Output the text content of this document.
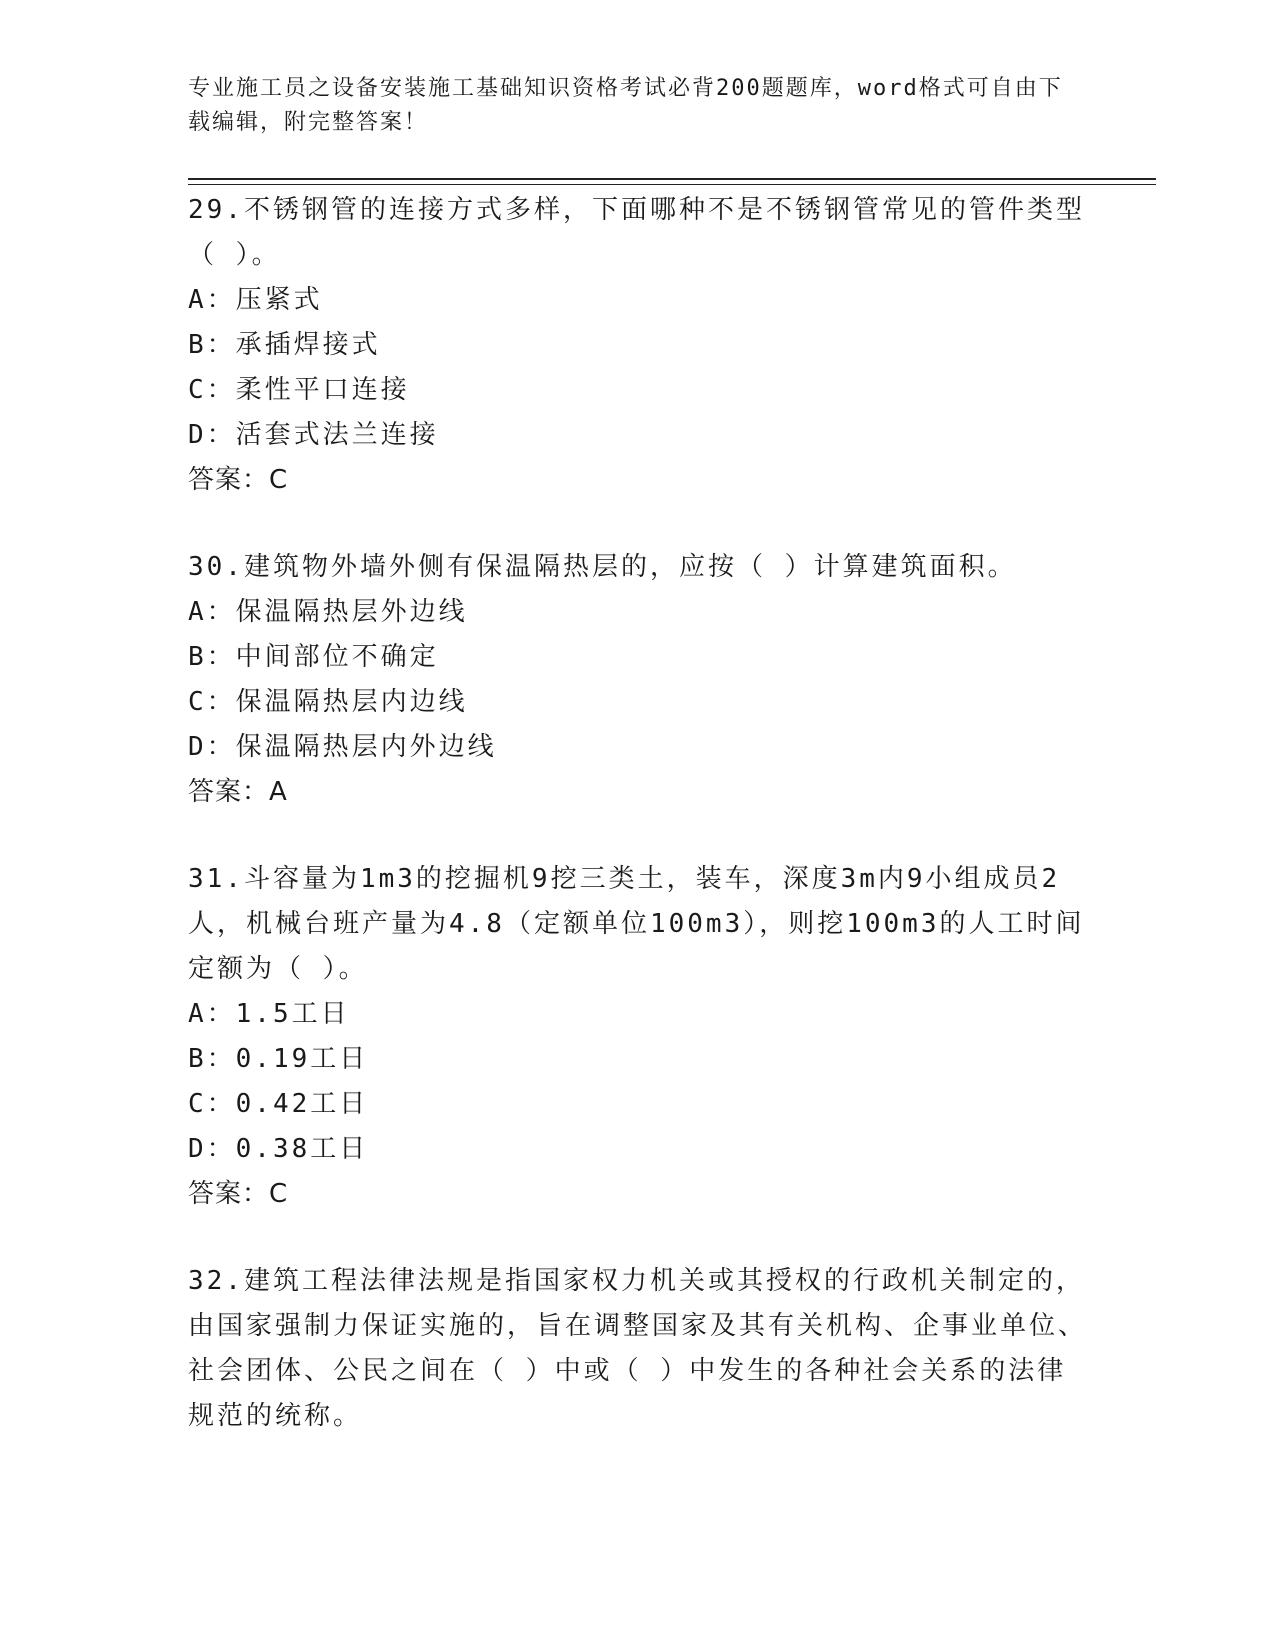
专业施工员之设备安装施工基础知识资格考试必背200题题库，word格式可自由下载编辑，附完整答案！
29.不锈钢管的连接方式多样，下面哪种不是不锈钢管常见的管件类型（ ）。
A：压紧式
B：承插焊接式
C：柔性平口连接
D：活套式法兰连接
答案：C
30.建筑物外墙外侧有保温隔热层的，应按（ ）计算建筑面积。
A：保温隔热层外边线
B：中间部位不确定
C：保温隔热层内边线
D：保温隔热层内外边线
答案：A
31.斗容量为1m3的挖掘机9挖三类土，装车，深度3m内9小组成员2人，机械台班产量为4.8（定额单位100m3），则挖100m3的人工时间定额为（ ）。
A：1.5工日
B：0.19工日
C：0.42工日
D：0.38工日
答案：C
32.建筑工程法律法规是指国家权力机关或其授权的行政机关制定的，由国家强制力保证实施的，旨在调整国家及其有关机构、企事业单位、社会团体、公民之间在（ ）中或（ ）中发生的各种社会关系的法律规范的统称。
